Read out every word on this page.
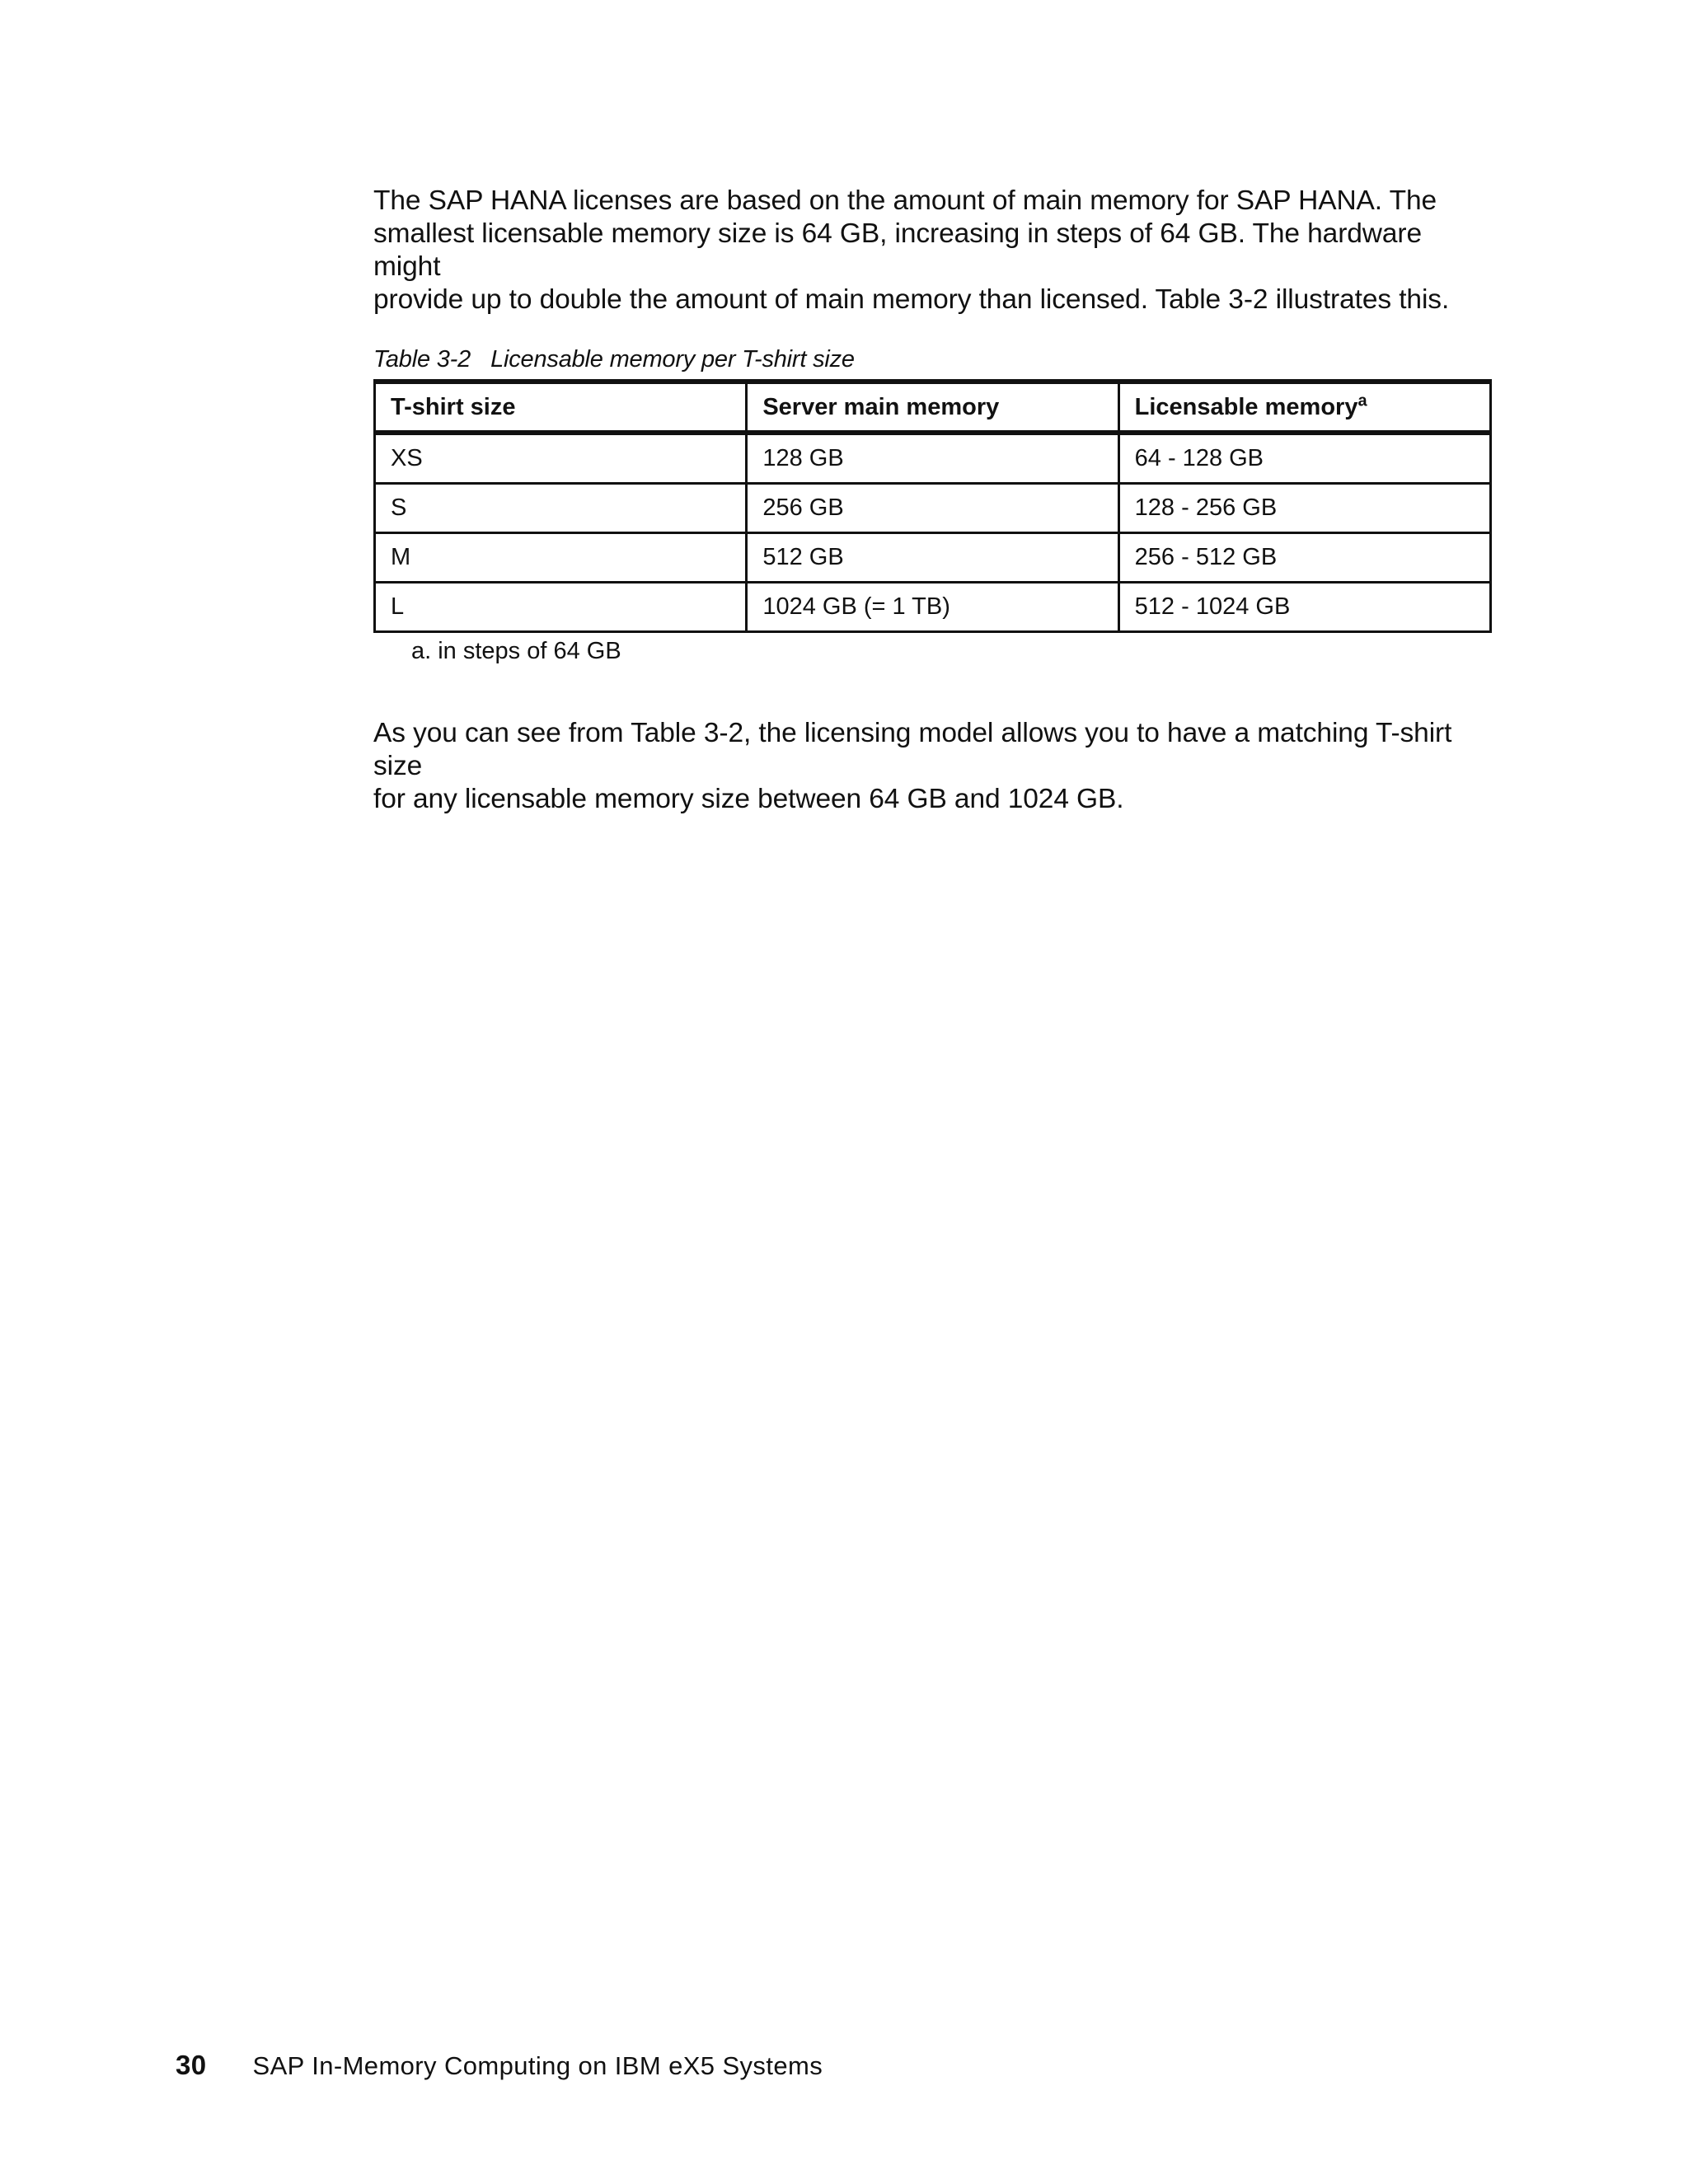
The SAP HANA licenses are based on the amount of main memory for SAP HANA. The
smallest licensable memory size is 64 GB, increasing in steps of 64 GB. The hardware might
provide up to double the amount of main memory than licensed. Table 3-2 illustrates this.

Table 3-2 Licensable memory per T-shirt size
T-shirt size	Server main memory	Licensable memory$^a$
XS	128 GB	64 - 128 GB
S	256 GB	128 - 256 GB
M	512 GB	256 - 512 GB
L	1024 GB (= 1 TB)	512 - 1024 GB
a. in steps of 64 GB

As you can see from Table 3-2, the licensing model allows you to have a matching T-shirt size
for any licensable memory size between 64 GB and 1024 GB.

30 SAP In-Memory Computing on IBM eX5 Systems
